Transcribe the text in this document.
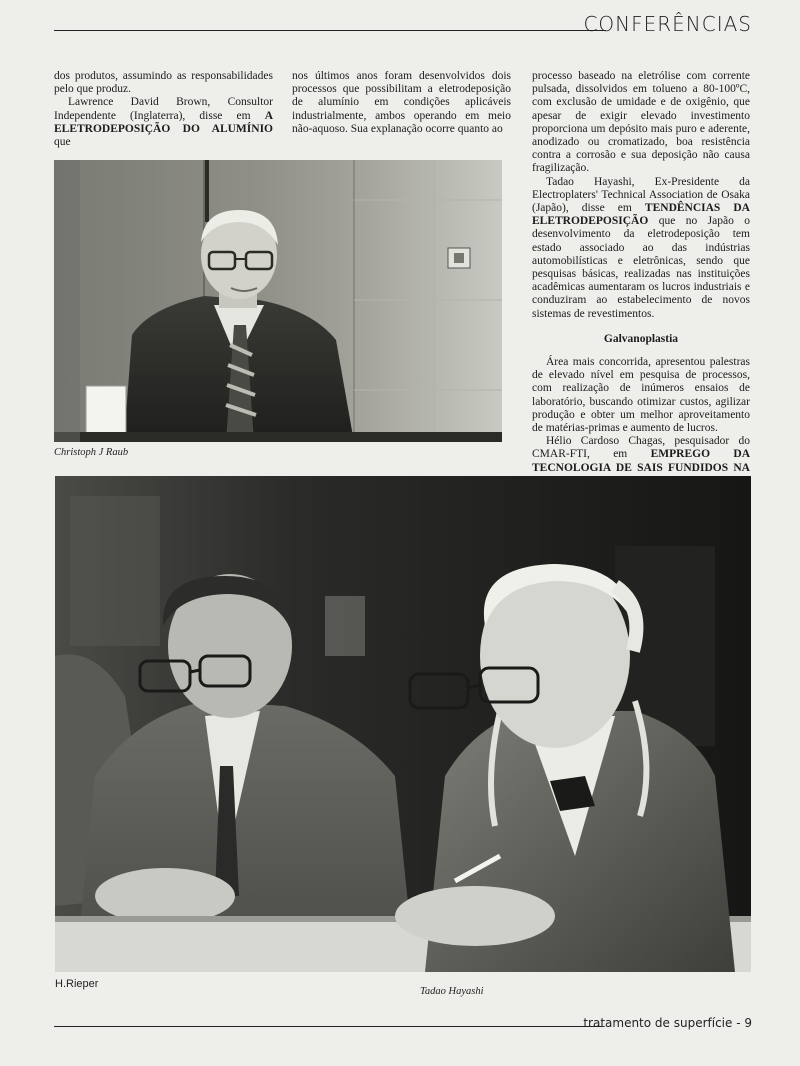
CONFERÊNCIAS

dos produtos, assumindo as responsabilidades pelo que produz.

Lawrence David Brown, Consultor Independente (Inglaterra), disse em A ELETRODEPOSIÇÃO DO ALUMÍNIO que

nos últimos anos foram desenvolvidos dois processos que possibilitam a eletrodeposição de alumínio em condições aplicáveis industrialmente, ambos operando em meio não-aquoso. Sua explanação ocorre quanto ao

processo baseado na eletrólise com corrente pulsada, dissolvidos em tolueno a 80-100ºC, com exclusão de umidade e de oxigênio, que apesar de exigir elevado investimento proporciona um depósito mais puro e aderente, anodizado ou cromatizado, boa resistência contra a corrosão e sua deposição não causa fragilização.

Tadao Hayashi, Ex-Presidente da Electroplaters' Technical Association de Osaka (Japão), disse em TENDÊNCIAS DA ELETRODEPOSIÇÃO que no Japão o desenvolvimento da eletrodeposição tem estado associado ao das indústrias automobilísticas e eletrônicas, sendo que pesquisas básicas, realizadas nas instituições acadêmicas aumentaram os lucros industriais e conduziram ao estabelecimento de novos sistemas de revestimentos.

Galvanoplastia

Área mais concorrida, apresentou palestras de elevado nível em pesquisa de processos, com realização de inúmeros ensaios de laboratório, buscando otimizar custos, agilizar produção e obter um melhor aproveitamento de matérias-primas e aumento de lucros.

Hélio Cardoso Chagas, pesquisador do CMAR-FTI, em EMPREGO DA TECNOLOGIA DE SAIS FUNDIDOS NA

Christoph J Raub
H.Rieper
Tadao Hayashi
tratamento de superfície - 9
